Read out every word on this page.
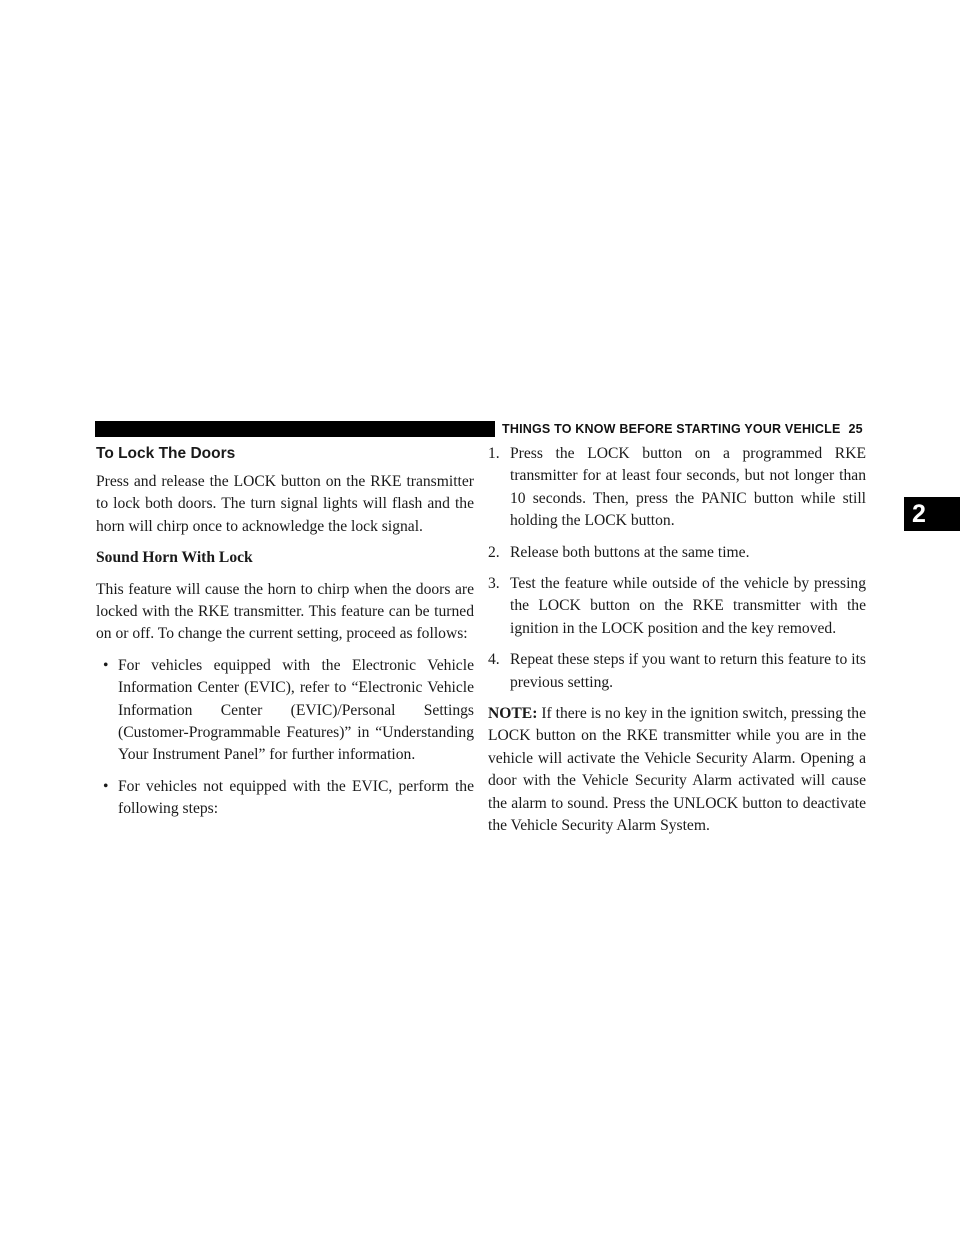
THINGS TO KNOW BEFORE STARTING YOUR VEHICLE 25
2
To Lock The Doors

Press and release the LOCK button on the RKE transmitter to lock both doors. The turn signal lights will flash and the horn will chirp once to acknowledge the lock signal.

Sound Horn With Lock

This feature will cause the horn to chirp when the doors are locked with the RKE transmitter. This feature can be turned on or off. To change the current setting, proceed as follows:

• For vehicles equipped with the Electronic Vehicle Information Center (EVIC), refer to “Electronic Vehicle Information Center (EVIC)/Personal Settings (Customer-Programmable Features)” in “Understanding Your Instrument Panel” for further information.
• For vehicles not equipped with the EVIC, perform the following steps:
1. Press the LOCK button on a programmed RKE transmitter for at least four seconds, but not longer than 10 seconds. Then, press the PANIC button while still holding the LOCK button.
2. Release both buttons at the same time.
3. Test the feature while outside of the vehicle by pressing the LOCK button on the RKE transmitter with the ignition in the LOCK position and the key removed.
4. Repeat these steps if you want to return this feature to its previous setting.

NOTE: If there is no key in the ignition switch, pressing the LOCK button on the RKE transmitter while you are in the vehicle will activate the Vehicle Security Alarm. Opening a door with the Vehicle Security Alarm activated will cause the alarm to sound. Press the UNLOCK button to deactivate the Vehicle Security Alarm System.
